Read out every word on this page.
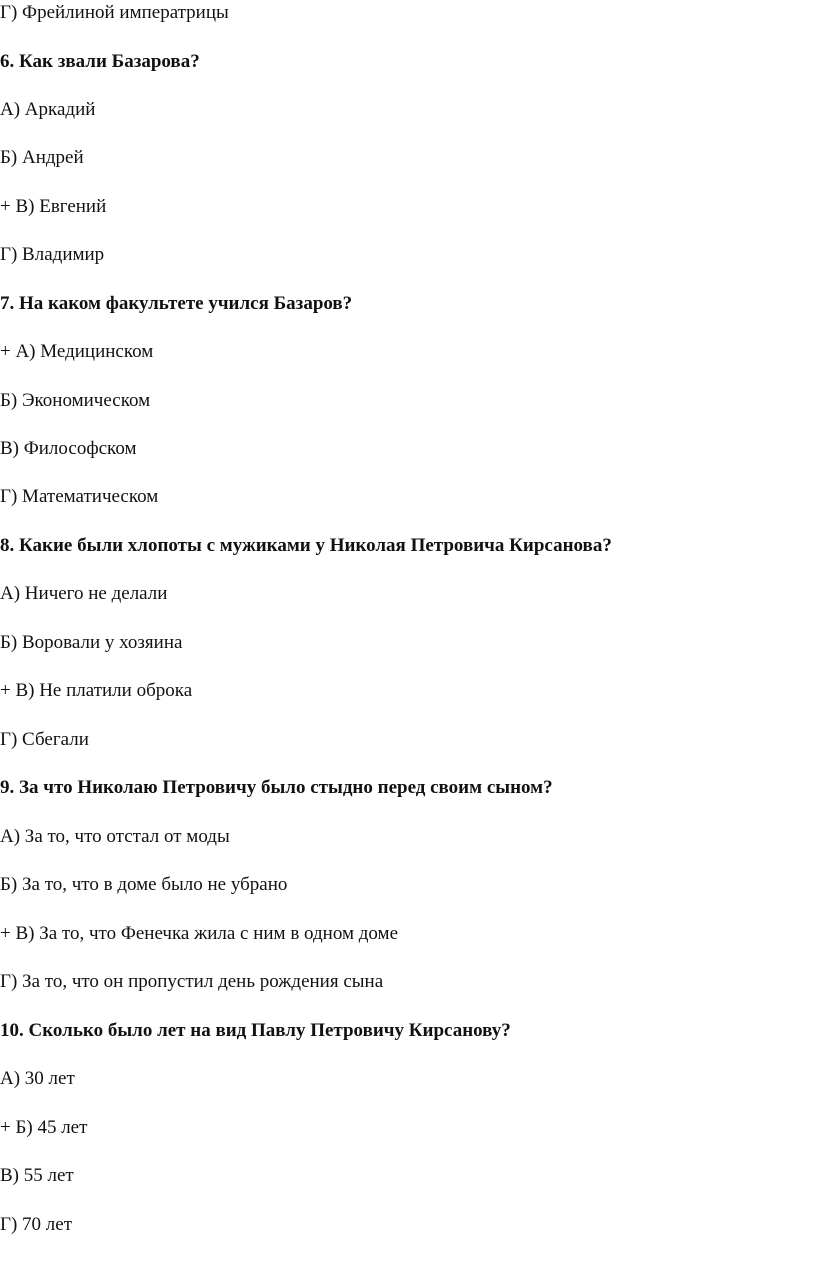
Г) Фрейлиной императрицы
6. Как звали Базарова?
А) Аркадий
Б) Андрей
+ В) Евгений
Г) Владимир
7. На каком факультете учился Базаров?
+ А) Медицинском
Б) Экономическом
В) Философском
Г) Математическом
8. Какие были хлопоты с мужиками у Николая Петровича Кирсанова?
А) Ничего не делали
Б) Воровали у хозяина
+ В) Не платили оброка
Г) Сбегали
9. За что Николаю Петровичу было стыдно перед своим сыном?
А) За то, что отстал от моды
Б) За то, что в доме было не убрано
+ В) За то, что Фенечка жила с ним в одном доме
Г) За то, что он пропустил день рождения сына
10. Сколько было лет на вид Павлу Петровичу Кирсанову?
А) 30 лет
+ Б) 45 лет
В) 55 лет
Г) 70 лет
